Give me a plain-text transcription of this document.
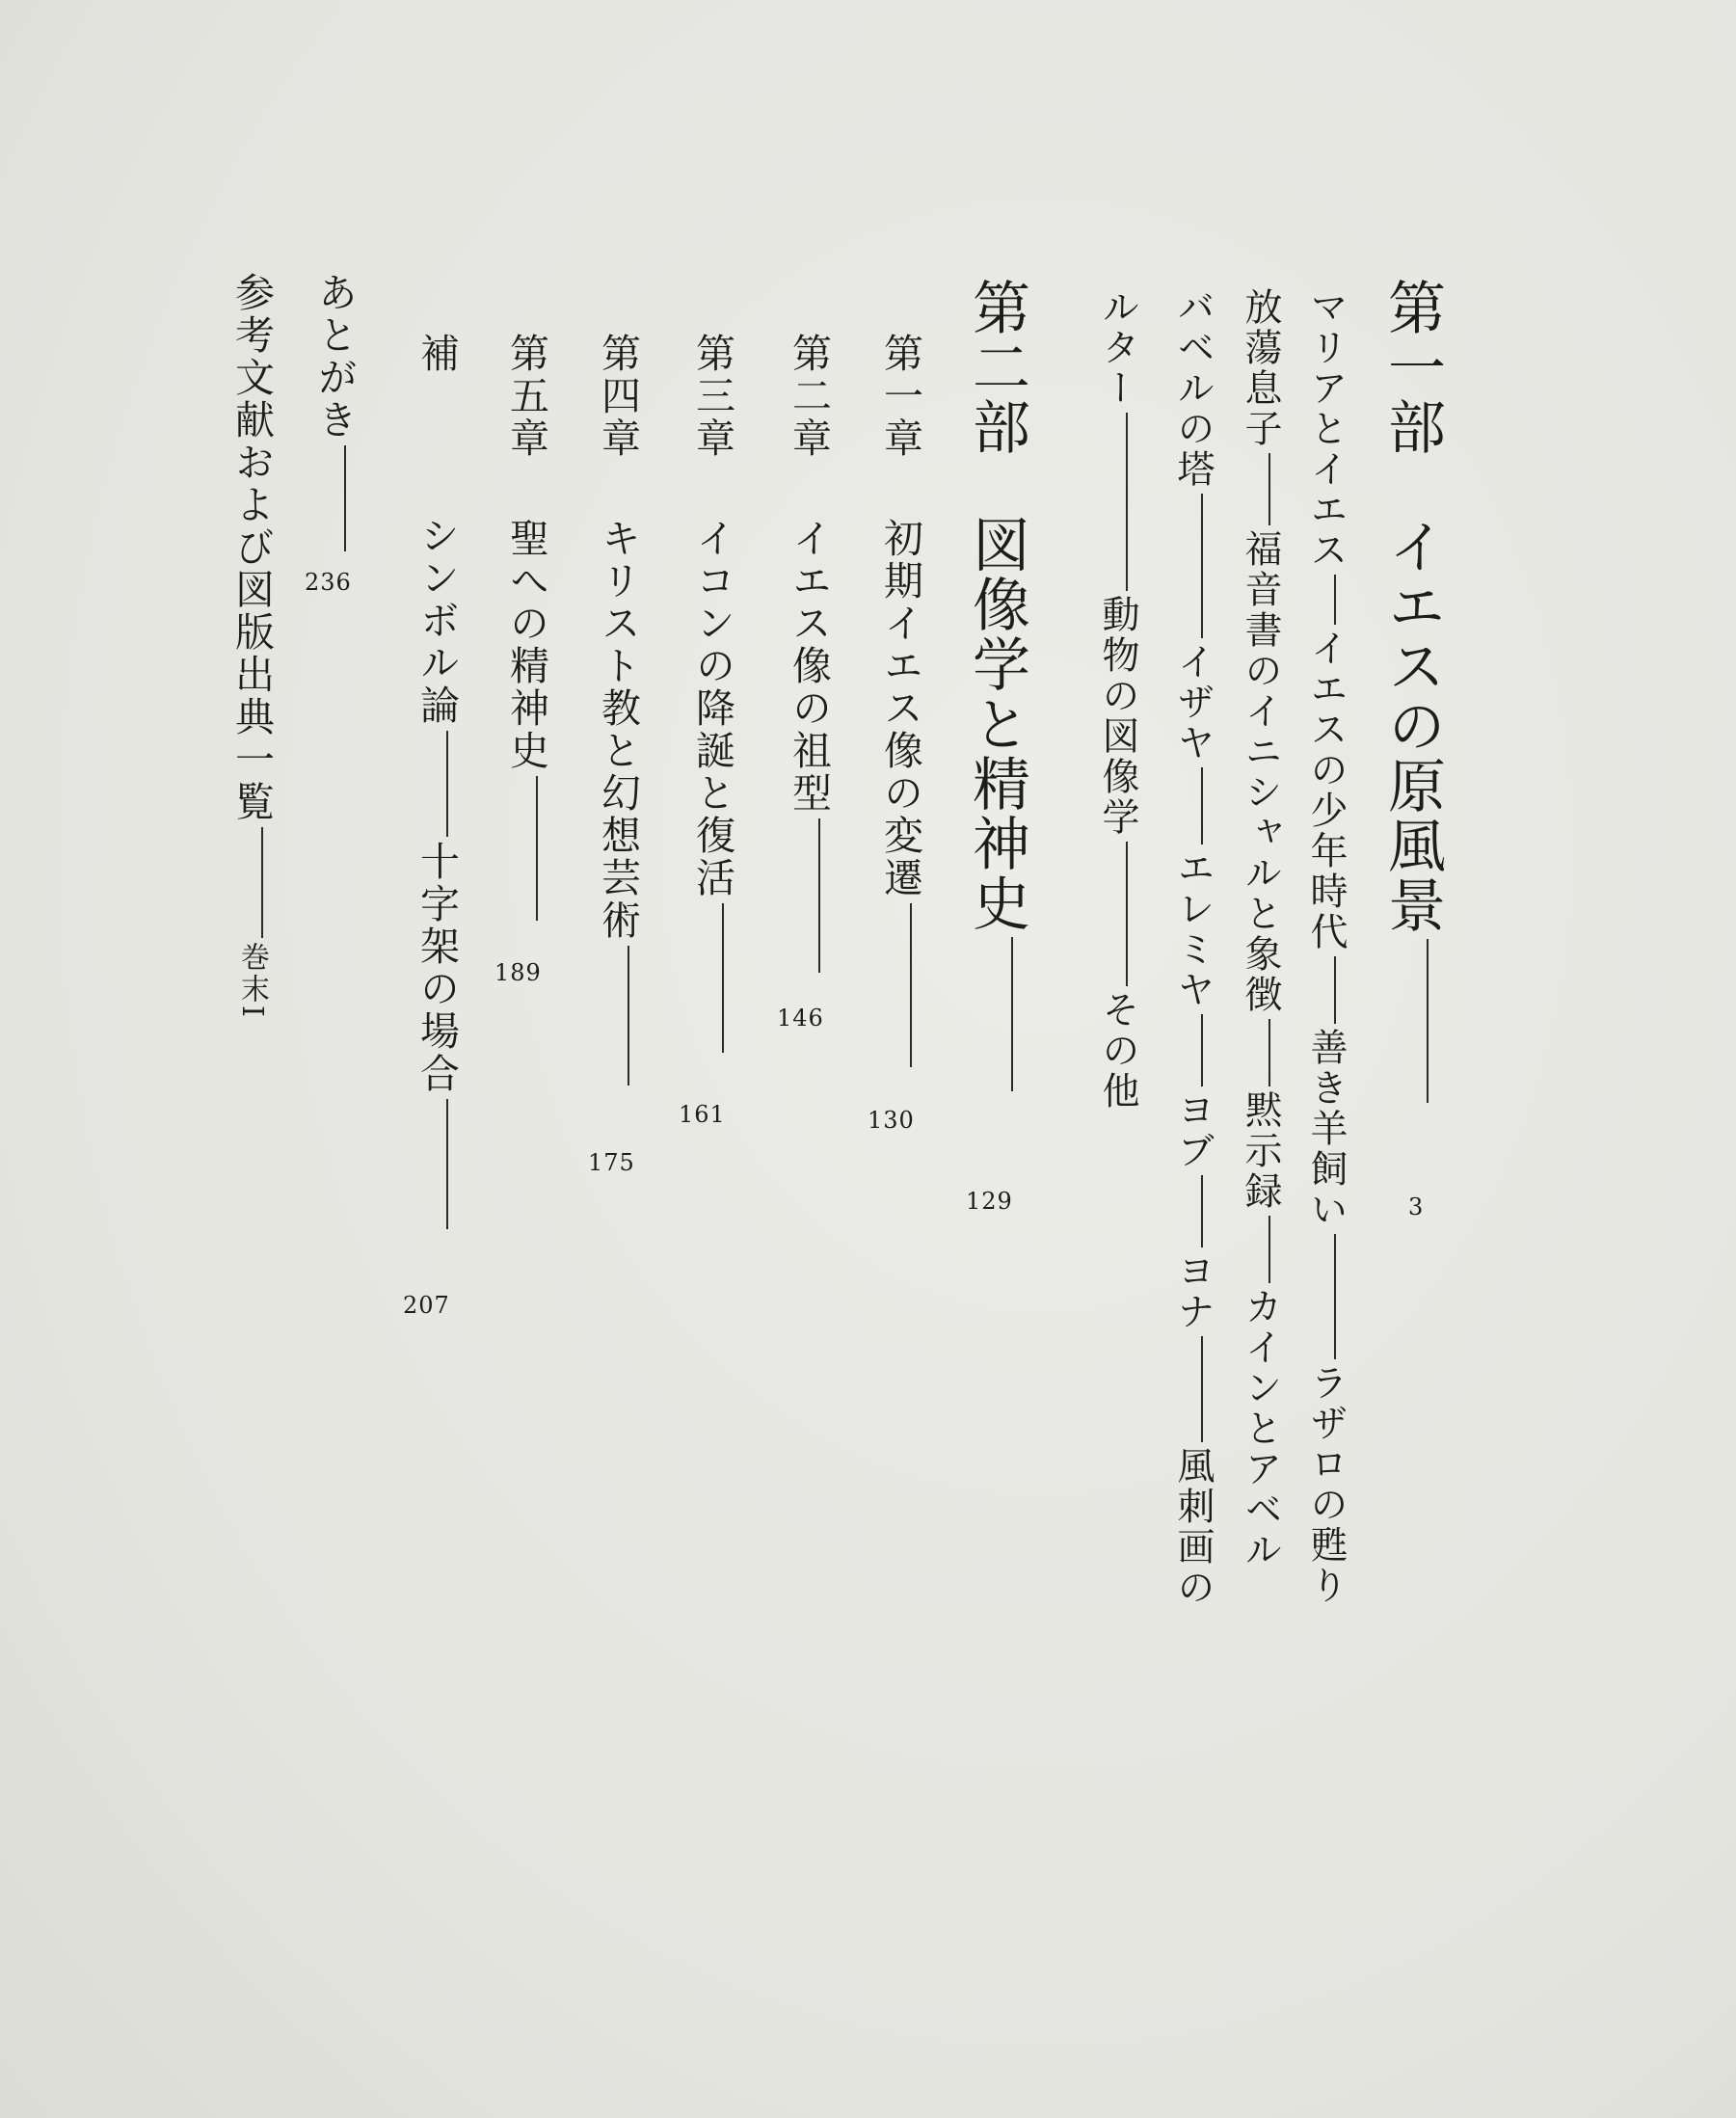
第一部　イエスの原風景
3
マリアとイエスイエスの少年時代善き羊飼いラザロの甦り
放蕩息子福音書のイニシャルと象徴黙示録カインとアベル
バベルの塔イザヤエレミヤヨブヨナ風刺画の
ルター動物の図像学その他
第二部図像学と精神史
129
第一章初期イエス像の変遷
130
第二章イエス像の祖型
146
第三章イコンの降誕と復活
161
第四章キリスト教と幻想芸術
175
第五章聖への精神史
189
補シンボル論十字架の場合
207
あとがき
236
参考文献および図版出典一覧巻末I
